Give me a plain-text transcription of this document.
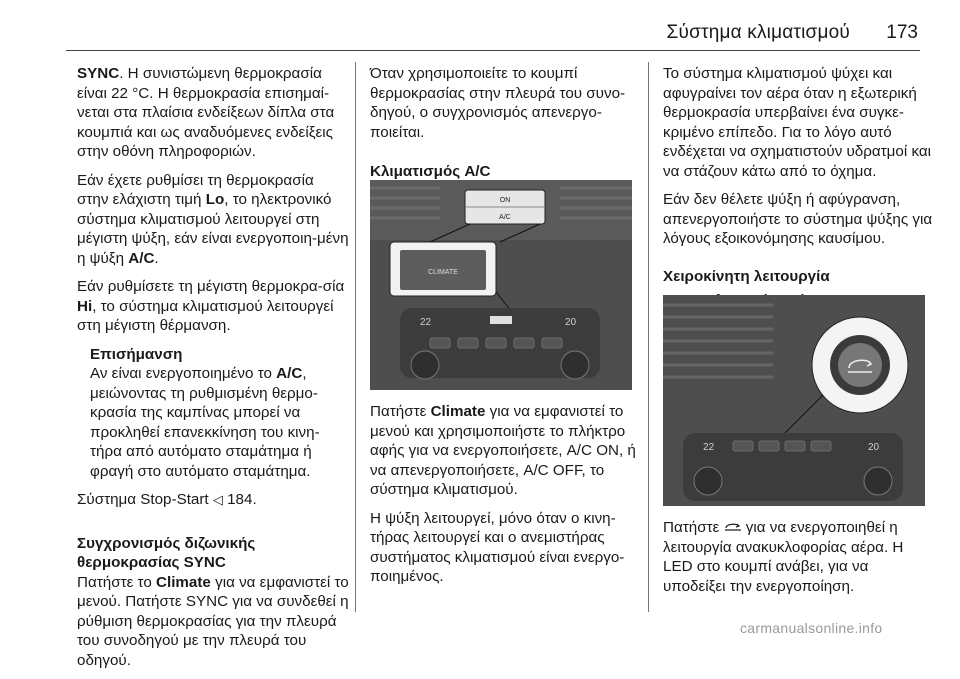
Σύστημα κλιματισμού 173

SYNC. Η συνιστώμενη θερμοκρασία είναι 22 °C. Η θερμοκρασία επισημαί-νεται στα πλαίσια ενδείξεων δίπλα στα κουμπιά και ως αναδυόμενες ενδείξεις στην οθόνη πληροφοριών.

Εάν έχετε ρυθμίσει τη θερμοκρασία στην ελάχιστη τιμή Lo, το ηλεκτρονικό σύστημα κλιματισμού λειτουργεί στη μέγιστη ψύξη, εάν είναι ενεργοποιη-μένη η ψύξη A/C.

Εάν ρυθμίσετε τη μέγιστη θερμοκρα-σία Hi, το σύστημα κλιματισμού λειτουργεί στη μέγιστη θέρμανση.

Επισήμανση
Αν είναι ενεργοποιημένο το A/C, μειώνοντας τη ρυθμισμένη θερμο-κρασία της καμπίνας μπορεί να προκληθεί επανεκκίνηση του κινη-τήρα από αυτόματο σταμάτημα ή φραγή στο αυτόματο σταμάτημα.

Σύστημα Stop-Start ◁ 184.

Συγχρονισμός διζωνικής θερμοκρασίας SYNC

Πατήστε το Climate για να εμφανιστεί το μενού. Πατήστε SYNC για να συνδεθεί η ρύθμιση θερμοκρασίας για την πλευρά του συνοδηγού με την πλευρά του οδηγού.

Όταν χρησιμοποιείτε το κουμπί θερμοκρασίας στην πλευρά του συνο-δηγού, ο συγχρονισμός απενεργο-ποιείται.

Κλιματισμός A/C

ON
A/C
CLIMATE
22	20

Πατήστε Climate για να εμφανιστεί το μενού και χρησιμοποιήστε το πλήκτρο αφής για να ενεργοποιήσετε, A/C ON, ή να απενεργοποιήσετε, A/C OFF, το σύστημα κλιματισμού.

Η ψύξη λειτουργεί, μόνο όταν ο κινη-τήρας λειτουργεί και ο ανεμιστήρας συστήματος κλιματισμού είναι ενεργο-ποιημένος.

Το σύστημα κλιματισμού ψύχει και αφυγραίνει τον αέρα όταν η εξωτερική θερμοκρασία υπερβαίνει ένα συγκε-κριμένο επίπεδο. Για το λόγο αυτό ενδέχεται να σχηματιστούν υδρατμοί και να στάζουν κάτω από το όχημα.

Εάν δεν θέλετε ψύξη ή αφύγρανση, απενεργοποιήστε το σύστημα ψύξης για λόγους εξοικονόμησης καυσίμου.

Χειροκίνητη λειτουργία

22	20

Πατήστε  για να ενεργοποιηθεί η λειτουργία ανακυκλοφορίας αέρα. Η LED στο κουμπί ανάβει, για να υποδείξει την ενεργοποίηση.

carmanualsonline.info
